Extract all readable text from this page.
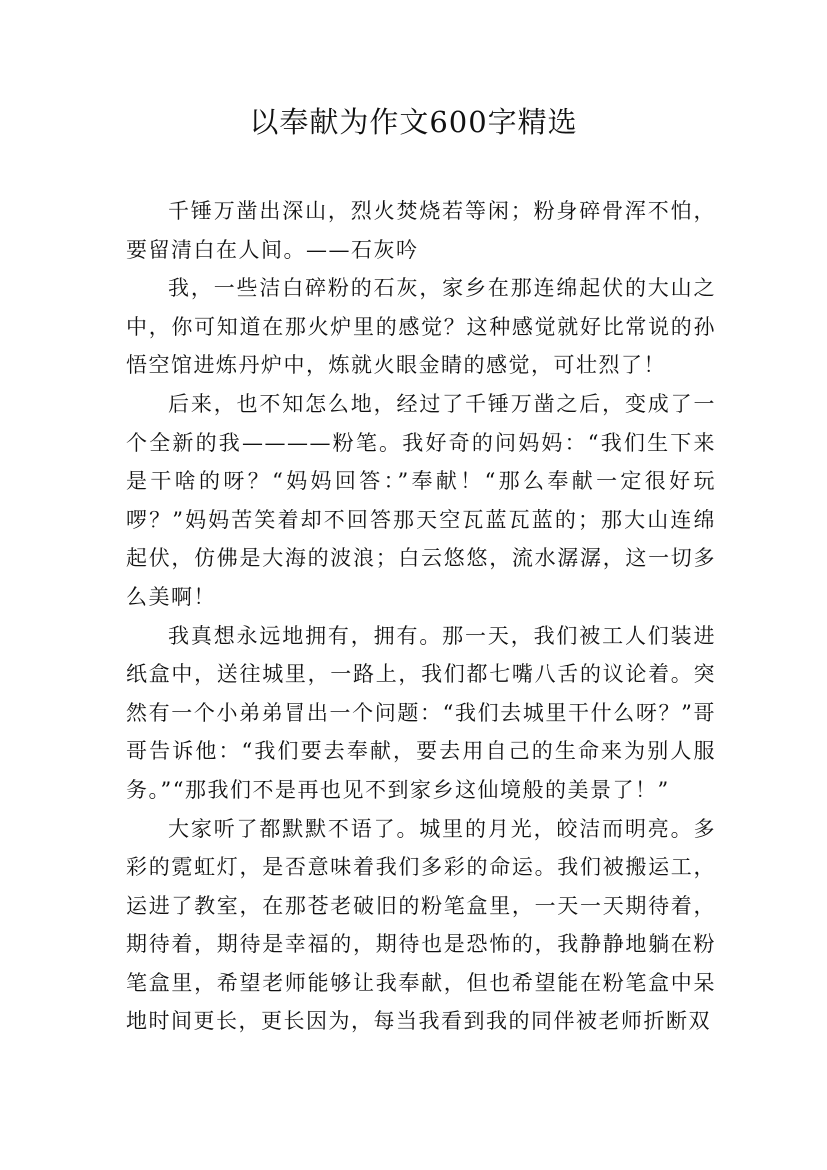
以奉献为作文600字精选

千锤万凿出深山，烈火焚烧若等闲；粉身碎骨浑不怕，要留清白在人间。——石灰吟

我，一些洁白碎粉的石灰，家乡在那连绵起伏的大山之中，你可知道在那火炉里的感觉？这种感觉就好比常说的孙悟空馆进炼丹炉中，炼就火眼金睛的感觉，可壮烈了！

后来，也不知怎么地，经过了千锤万凿之后，变成了一个全新的我————粉笔。我好奇的问妈妈：“我们生下来是干啥的呀？“妈妈回答：”奉献！“那么奉献一定很好玩啰？”妈妈苦笑着却不回答那天空瓦蓝瓦蓝的；那大山连绵起伏，仿佛是大海的波浪；白云悠悠，流水潺潺，这一切多么美啊！

我真想永远地拥有，拥有。那一天，我们被工人们装进纸盒中，送往城里，一路上，我们都七嘴八舌的议论着。突然有一个小弟弟冒出一个问题：“我们去城里干什么呀？”哥哥告诉他：“我们要去奉献，要去用自己的生命来为别人服务。”“那我们不是再也见不到家乡这仙境般的美景了！”

大家听了都默默不语了。城里的月光，皎洁而明亮。多彩的霓虹灯，是否意味着我们多彩的命运。我们被搬运工，运进了教室，在那苍老破旧的粉笔盒里，一天一天期待着，期待着，期待是幸福的，期待也是恐怖的，我静静地躺在粉笔盒里，希望老师能够让我奉献，但也希望能在粉笔盒中呆地时间更长，更长因为，每当我看到我的同伴被老师折断双
